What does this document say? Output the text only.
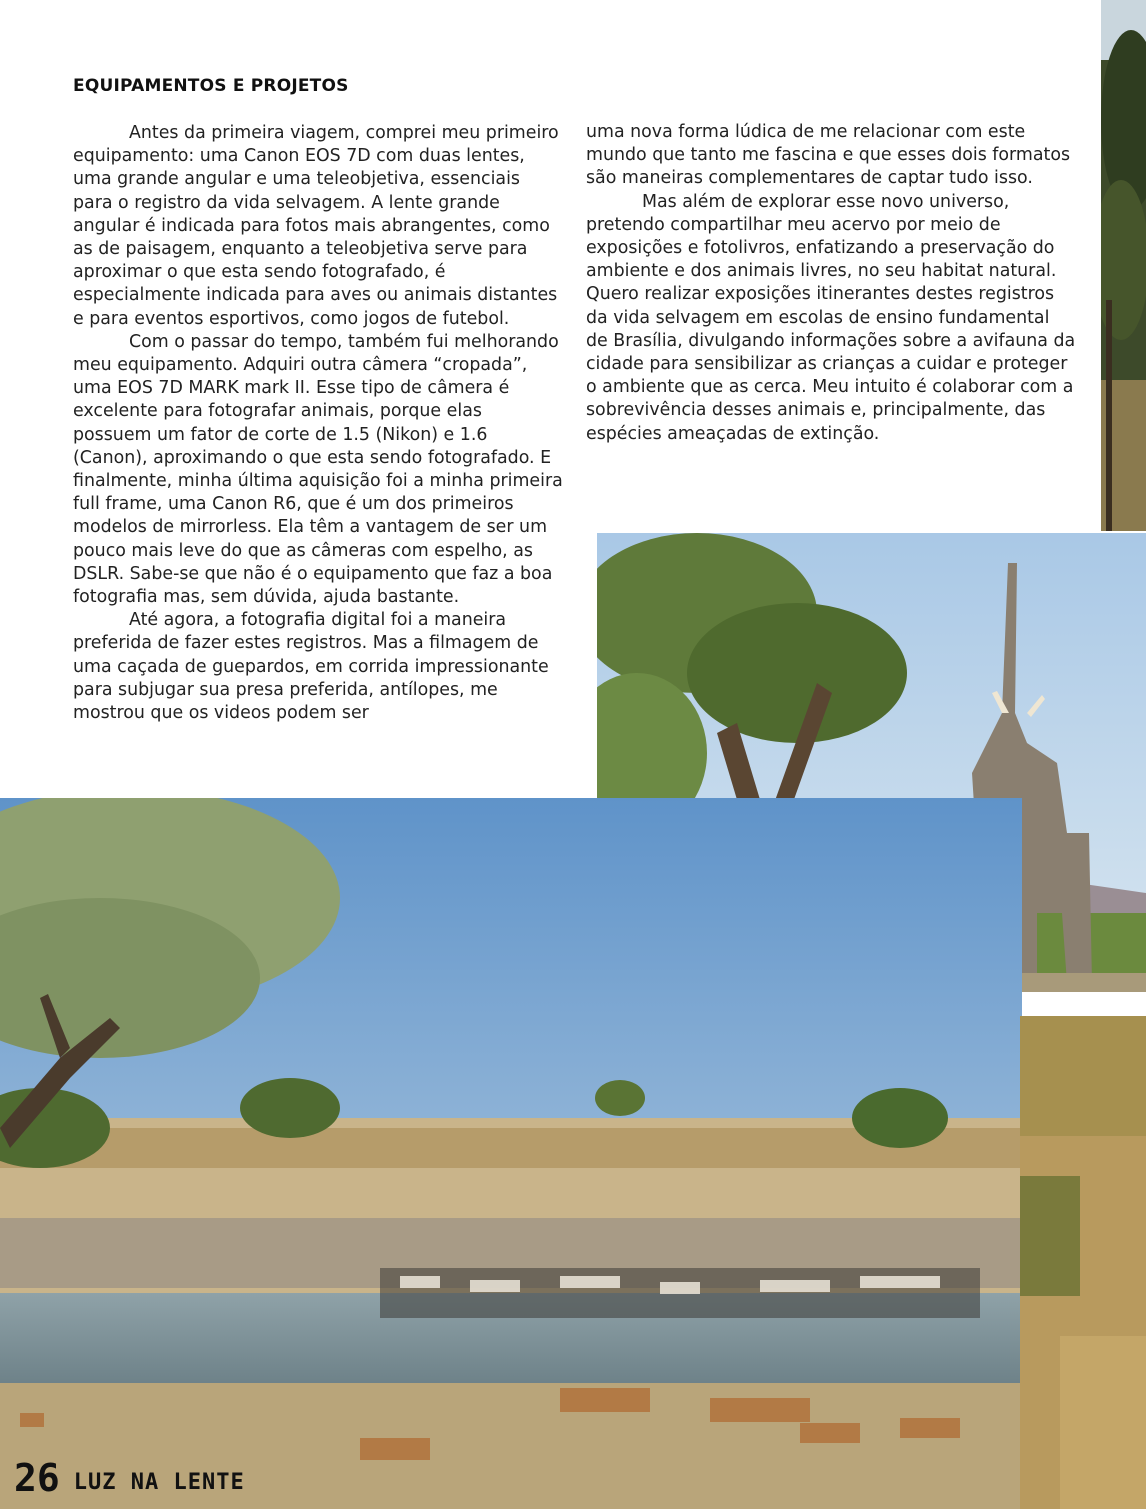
EQUIPAMENTOS E PROJETOS

Antes da primeira viagem, comprei meu primeiro equipamento: uma Canon EOS 7D com duas lentes, uma grande angular e uma teleobjetiva, essenciais para o registro da vida selvagem. A lente grande angular é indicada para fotos mais abrangentes, como as de paisagem, enquanto a teleobjetiva serve para aproximar o que esta sendo fotografado, é especialmente indicada para aves ou animais distantes e para eventos esportivos, como jogos de futebol.

Com o passar do tempo, também fui melhorando meu equipamento. Adquiri outra câmera “cropada”, uma EOS 7D MARK mark II. Esse tipo de câmera é excelente para fotografar animais, porque elas possuem um fator de corte de 1.5 (Nikon) e 1.6 (Canon), aproximando o que esta sendo fotografado. E finalmente, minha última aquisição foi a minha primeira full frame, uma Canon R6, que é um dos primeiros modelos de mirrorless. Ela têm a vantagem de ser um pouco mais leve do que as câmeras com espelho, as DSLR. Sabe-se que não é o equipamento que faz a boa fotografia mas, sem dúvida, ajuda bastante.

Até agora, a fotografia digital foi a maneira preferida de fazer estes registros. Mas a filmagem de uma caçada de guepardos, em corrida impressionante para subjugar sua presa preferida, antílopes, me mostrou que os videos podem ser

uma nova forma lúdica de me relacionar com este mundo que tanto me fascina e que esses dois formatos são maneiras complementares de captar tudo isso.

Mas além de explorar esse novo universo, pretendo compartilhar meu acervo por meio de exposições e fotolivros, enfatizando a preservação do ambiente e dos animais livres, no seu habitat natural. Quero realizar exposições itinerantes destes registros da vida selvagem em escolas de ensino fundamental de Brasília, divulgando informações sobre a avifauna da cidade para sensibilizar as crianças a cuidar e proteger o ambiente que as cerca. Meu intuito é colaborar com a sobrevivência desses animais e, principalmente, das espécies ameaçadas de extinção.

26 LUZ NA LENTE
